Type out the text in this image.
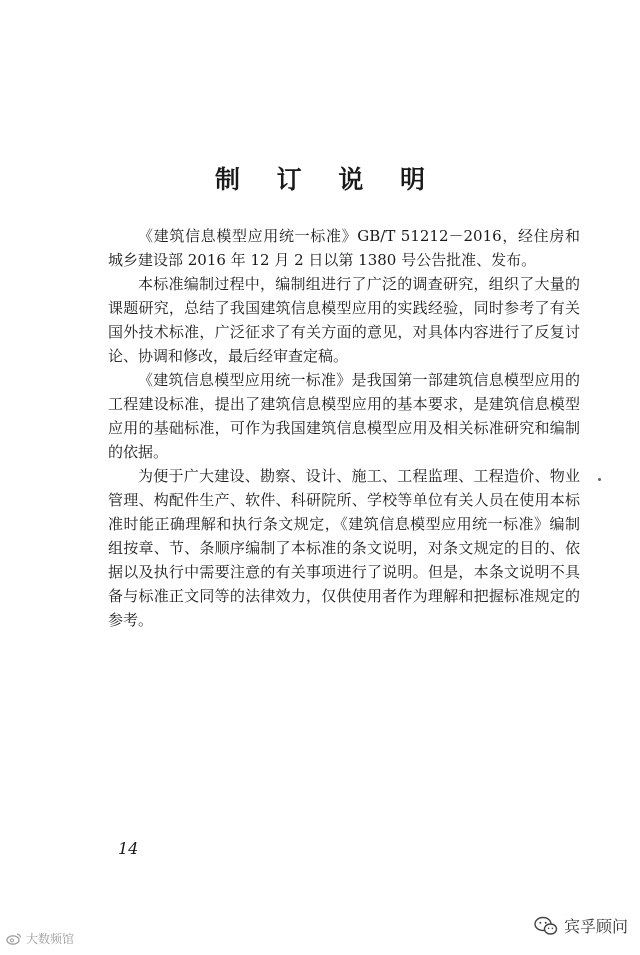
制 订 说 明

《建筑信息模型应用统一标准》GB/T 51212－2016，经住房和城乡建设部 2016 年 12 月 2 日以第 1380 号公告批准、发布。

本标准编制过程中，编制组进行了广泛的调查研究，组织了大量的课题研究，总结了我国建筑信息模型应用的实践经验，同时参考了有关国外技术标准，广泛征求了有关方面的意见，对具体内容进行了反复讨论、协调和修改，最后经审查定稿。

《建筑信息模型应用统一标准》是我国第一部建筑信息模型应用的工程建设标准，提出了建筑信息模型应用的基本要求，是建筑信息模型应用的基础标准，可作为我国建筑信息模型应用及相关标准研究和编制的依据。

为便于广大建设、勘察、设计、施工、工程监理、工程造价、物业管理、构配件生产、软件、科研院所、学校等单位有关人员在使用本标准时能正确理解和执行条文规定，《建筑信息模型应用统一标准》编制组按章、节、条顺序编制了本标准的条文说明，对条文规定的目的、依据以及执行中需要注意的有关事项进行了说明。但是，本条文说明不具备与标准正文同等的法律效力，仅供使用者作为理解和把握标准规定的参考。

14
大数频馆
宾孚顾问
